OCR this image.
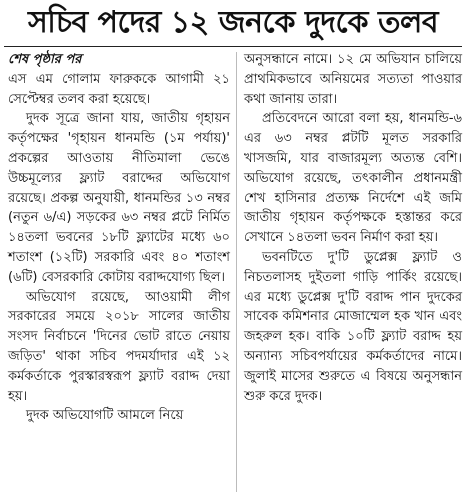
সচিব পদের ১২ জনকে দুদকে তলব

শেষ পৃষ্ঠার পর

এস এম গোলাম ফারুককে আগামী ২১ সেপ্টেম্বর তলব করা হয়েছে।

দুদক সূত্রে জানা যায়, জাতীয় গৃহায়ন কর্তৃপক্ষের 'গৃহায়ন ধানমন্ডি (১ম পর্যায়)' প্রকল্পের আওতায় নীতিমালা ভেঙে উচ্চমূল্যের ফ্ল্যাট বরাদ্দের অভিযোগ রয়েছে। প্রকল্প অনুযায়ী, ধানমন্ডির ১৩ নম্বর (নতুন ৬/এ) সড়কের ৬৩ নম্বর প্লটে নির্মিত ১৪তলা ভবনের ১৮টি ফ্ল্যাটের মধ্যে ৬০ শতাংশ (১২টি) সরকারি এবং ৪০ শতাংশ (৬টি) বেসরকারি কোটায় বরাদ্দযোগ্য ছিল।

অভিযোগ রয়েছে, আওয়ামী লীগ সরকারের সময়ে ২০১৮ সালের জাতীয় সংসদ নির্বাচনে 'দিনের ভোট রাতে নেয়ায় জড়িত' থাকা সচিব পদমর্যাদার এই ১২ কর্মকর্তাকে পুরস্কারস্বরূপ ফ্ল্যাট বরাদ্দ দেয়া হয়।

দুদক অভিযোগটি আমলে নিয়ে

অনুসন্ধানে নামে। ১২ মে অভিযান চালিয়ে প্রাথমিকভাবে অনিয়মের সত্যতা পাওয়ার কথা জানায় তারা।

প্রতিবেদনে আরো বলা হয়, ধানমন্ডি-৬ এর ৬৩ নম্বর প্লটটি মূলত সরকারি খাসজমি, যার বাজারমূল্য অত্যন্ত বেশি। অভিযোগ রয়েছে, তৎকালীন প্রধানমন্ত্রী শেখ হাসিনার প্রত্যক্ষ নির্দেশে এই জমি জাতীয় গৃহায়ন কর্তৃপক্ষকে হস্তান্তর করে সেখানে ১৪তলা ভবন নির্মাণ করা হয়।

ভবনটিতে দু'টি ডুপ্লেক্স ফ্ল্যাট ও নিচতলাসহ দুইতলা গাড়ি পার্কিং রয়েছে। এর মধ্যে ডুপ্লেক্স দু'টি বরাদ্দ পান দুদকের সাবেক কমিশনার মোজাম্মেল হক খান এবং জহরুল হক। বাকি ১০টি ফ্ল্যাট বরাদ্দ হয় অন্যান্য সচিবপর্যায়ের কর্মকর্তাদের নামে। জুলাই মাসের শুরুতে এ বিষয়ে অনুসন্ধান শুরু করে দুদক।
